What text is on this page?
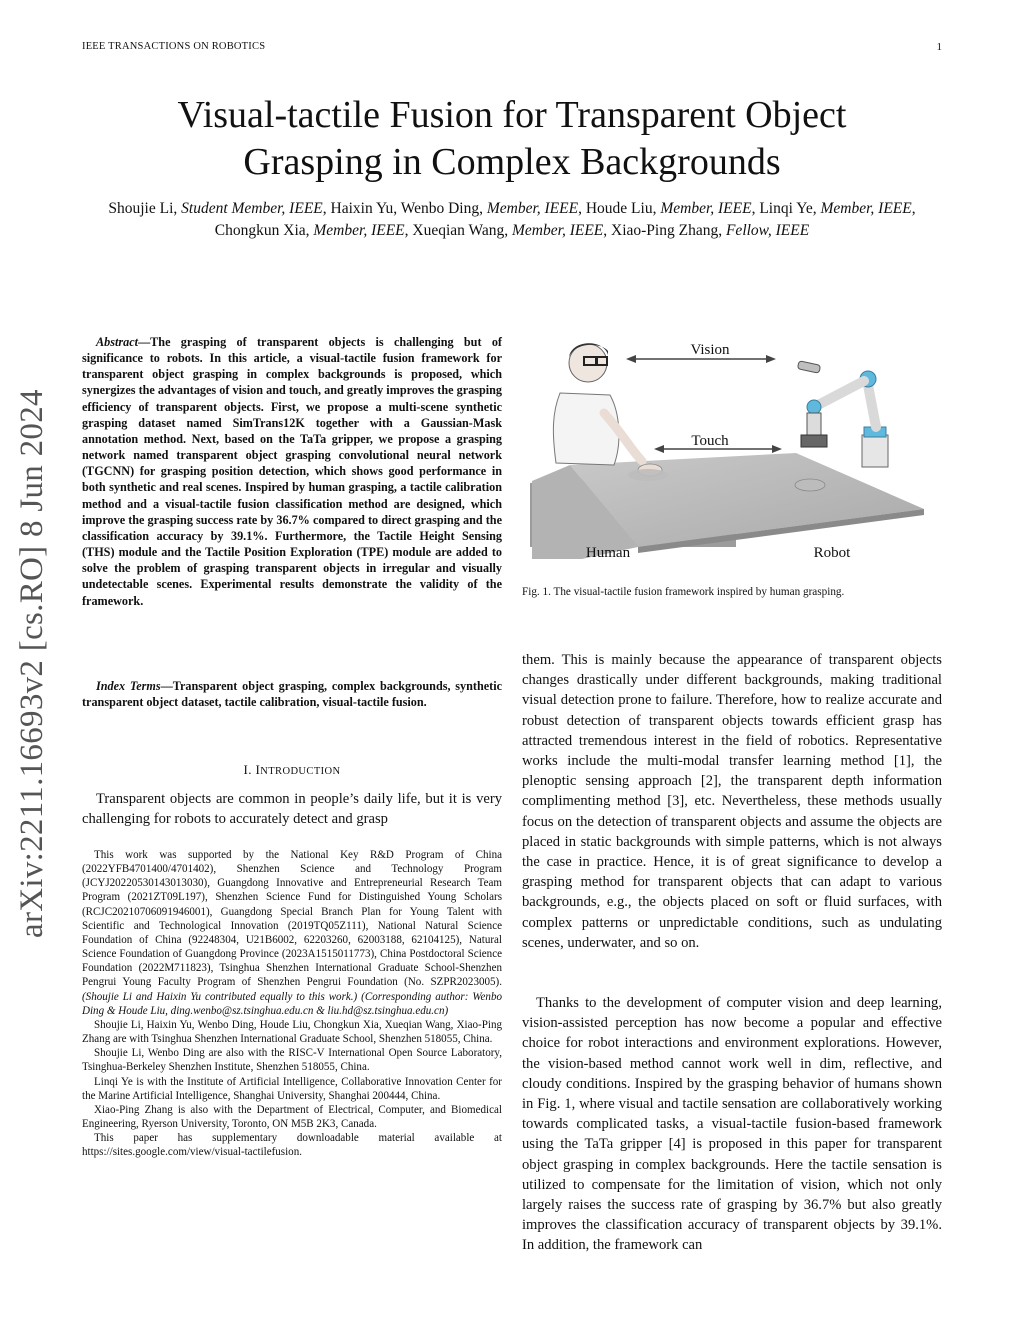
IEEE TRANSACTIONS ON ROBOTICS	1
arXiv:2211.16693v2 [cs.RO] 8 Jun 2024
Visual-tactile Fusion for Transparent Object
Grasping in Complex Backgrounds
Shoujie Li, Student Member, IEEE, Haixin Yu, Wenbo Ding, Member, IEEE, Houde Liu, Member, IEEE, Linqi Ye, Member, IEEE, Chongkun Xia, Member, IEEE, Xueqian Wang, Member, IEEE, Xiao-Ping Zhang, Fellow, IEEE

Abstract—The grasping of transparent objects is challenging but of significance to robots. In this article, a visual-tactile fusion framework for transparent object grasping in complex backgrounds is proposed, which synergizes the advantages of vision and touch, and greatly improves the grasping efficiency of transparent objects. First, we propose a multi-scene synthetic grasping dataset named SimTrans12K together with a Gaussian-Mask annotation method. Next, based on the TaTa gripper, we propose a grasping network named transparent object grasping convolutional neural network (TGCNN) for grasping position detection, which shows good performance in both synthetic and real scenes. Inspired by human grasping, a tactile calibration method and a visual-tactile fusion classification method are designed, which improve the grasping success rate by 36.7% compared to direct grasping and the classification accuracy by 39.1%. Furthermore, the Tactile Height Sensing (THS) module and the Tactile Position Exploration (TPE) module are added to solve the problem of grasping transparent objects in irregular and visually undetectable scenes. Experimental results demonstrate the validity of the framework.

Index Terms—Transparent object grasping, complex backgrounds, synthetic transparent object dataset, tactile calibration, visual-tactile fusion.

I. INTRODUCTION

Transparent objects are common in people’s daily life, but it is very challenging for robots to accurately detect and grasp

This work was supported by the National Key R&D Program of China (2022YFB4701400/4701402), Shenzhen Science and Technology Program (JCYJ20220530143013030), Guangdong Innovative and Entrepreneurial Research Team Program (2021ZT09L197), Shenzhen Science Fund for Distinguished Young Scholars (RCJC20210706091946001), Guangdong Special Branch Plan for Young Talent with Scientific and Technological Innovation (2019TQ05Z111), National Natural Science Foundation of China (92248304, U21B6002, 62203260, 62003188, 62104125), Natural Science Foundation of Guangdong Province (2023A1515011773), China Postdoctoral Science Foundation (2022M711823), Tsinghua Shenzhen International Graduate School-Shenzhen Pengrui Young Faculty Program of Shenzhen Pengrui Foundation (No. SZPR2023005). (Shoujie Li and Haixin Yu contributed equally to this work.) (Corresponding author: Wenbo Ding & Houde Liu, ding.wenbo@sz.tsinghua.edu.cn & liu.hd@sz.tsinghua.edu.cn)

Shoujie Li, Haixin Yu, Wenbo Ding, Houde Liu, Chongkun Xia, Xueqian Wang, Xiao-Ping Zhang are with Tsinghua Shenzhen International Graduate School, Shenzhen 518055, China.

Shoujie Li, Wenbo Ding are also with the RISC-V International Open Source Laboratory, Tsinghua-Berkeley Shenzhen Institute, Shenzhen 518055, China.

Linqi Ye is with the Institute of Artificial Intelligence, Collaborative Innovation Center for the Marine Artificial Intelligence, Shanghai University, Shanghai 200444, China.

Xiao-Ping Zhang is also with the Department of Electrical, Computer, and Biomedical Engineering, Ryerson University, Toronto, ON M5B 2K3, Canada.

This paper has supplementary downloadable material available at https://sites.google.com/view/visual-tactilefusion.

Vision
Touch
Human	Robot
Fig. 1. The visual-tactile fusion framework inspired by human grasping.

them. This is mainly because the appearance of transparent objects changes drastically under different backgrounds, making traditional visual detection prone to failure. Therefore, how to realize accurate and robust detection of transparent objects towards efficient grasp has attracted tremendous interest in the field of robotics. Representative works include the multi-modal transfer learning method [1], the plenoptic sensing approach [2], the transparent depth information complimenting method [3], etc. Nevertheless, these methods usually focus on the detection of transparent objects and assume the objects are placed in static backgrounds with simple patterns, which is not always the case in practice. Hence, it is of great significance to develop a grasping method for transparent objects that can adapt to various backgrounds, e.g., the objects placed on soft or fluid surfaces, with complex patterns or unpredictable conditions, such as undulating scenes, underwater, and so on.

Thanks to the development of computer vision and deep learning, vision-assisted perception has now become a popular and effective choice for robot interactions and environment explorations. However, the vision-based method cannot work well in dim, reflective, and cloudy conditions. Inspired by the grasping behavior of humans shown in Fig. 1, where visual and tactile sensation are collaboratively working towards complicated tasks, a visual-tactile fusion-based framework using the TaTa gripper [4] is proposed in this paper for transparent object grasping in complex backgrounds. Here the tactile sensation is utilized to compensate for the limitation of vision, which not only largely raises the success rate of grasping by 36.7% but also greatly improves the classification accuracy of transparent objects by 39.1%. In addition, the framework can
